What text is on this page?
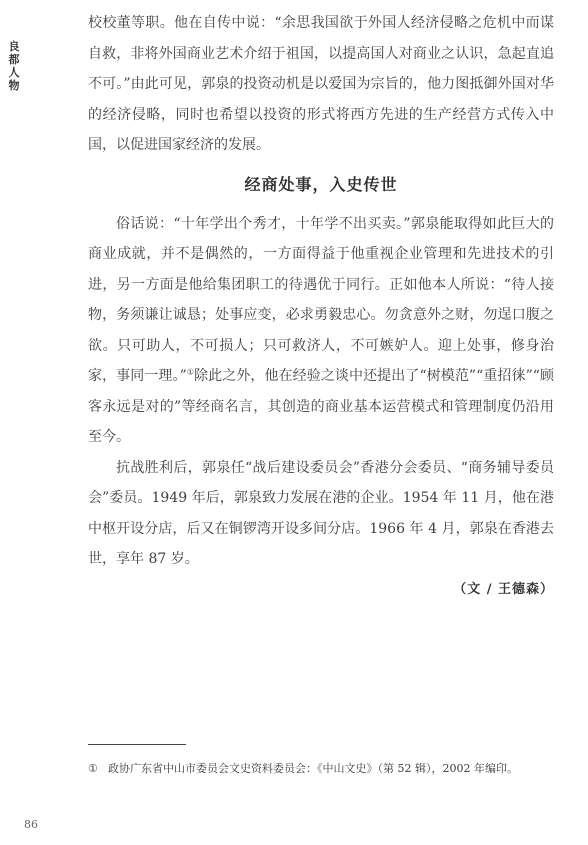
良都人物

校校董等职。他在自传中说：“余思我国欲于外国人经济侵略之危机中而谋自救，非将外国商业艺术介绍于祖国，以提高国人对商业之认识，急起直追不可。”由此可见，郭泉的投资动机是以爱国为宗旨的，他力图抵御外国对华的经济侵略，同时也希望以投资的形式将西方先进的生产经营方式传入中国，以促进国家经济的发展。

经商处事，入史传世

俗话说：“十年学出个秀才，十年学不出买卖。”郭泉能取得如此巨大的商业成就，并不是偶然的，一方面得益于他重视企业管理和先进技术的引进，另一方面是他给集团职工的待遇优于同行。正如他本人所说：“待人接物，务须谦让诚恳；处事应变，必求勇毅忠心。勿贪意外之财，勿逞口腹之欲。只可助人，不可损人；只可救济人，不可嫉妒人。迎上处事，修身治家，事同一理。”①除此之外，他在经验之谈中还提出了“树模范”“重招徕”“顾客永远是对的”等经商名言，其创造的商业基本运营模式和管理制度仍沿用至今。

抗战胜利后，郭泉任“战后建设委员会”香港分会委员、“商务辅导委员会”委员。1949 年后，郭泉致力发展在港的企业。1954 年 11 月，他在港中枢开设分店，后又在铜锣湾开设多间分店。1966 年 4 月，郭泉在香港去世，享年 87 岁。

（文 / 王德森）

① 政协广东省中山市委员会文史资料委员会：《中山文史》（第 52 辑），2002 年编印。
86
